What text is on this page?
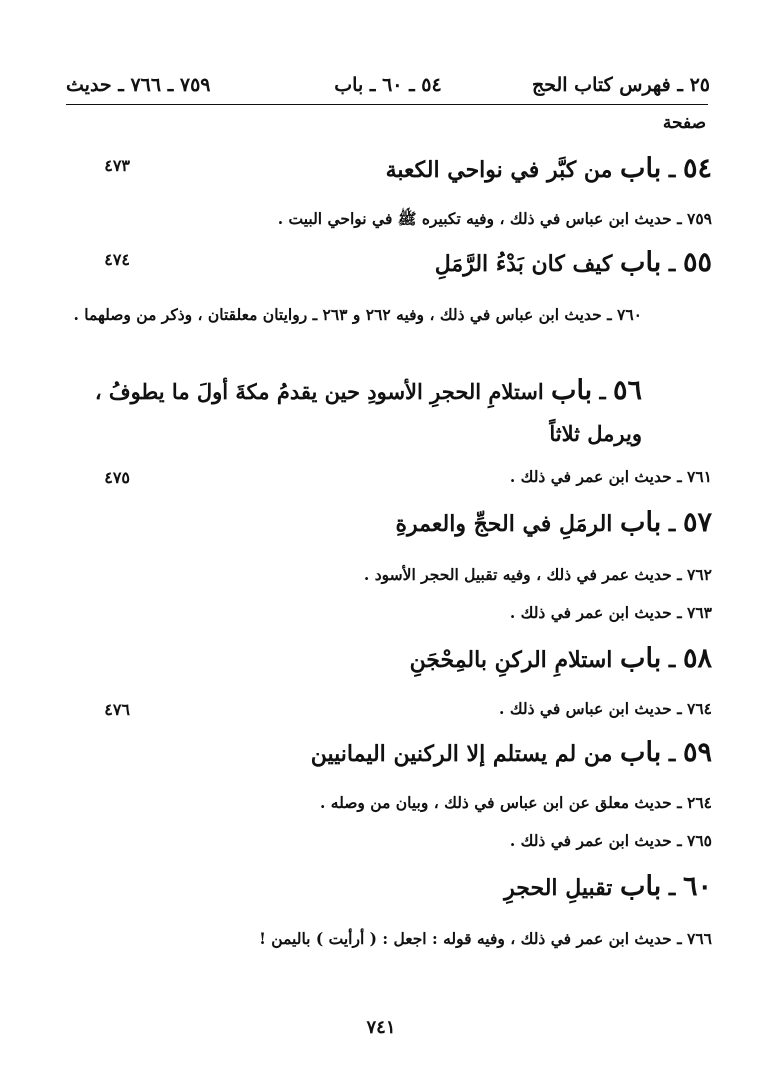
٢٥ ـ فهرس كتاب الحج
٥٤ ـ ٦٠ ـ باب
٧٥٩ ـ ٧٦٦ ـ حديث
صفحة
٥٤ ـ باب من كبَّر في نواحي الكعبة
٤٧٣
٧٥٩ ـ حديث ابن عباس في ذلك ، وفيه تكبيره ﷺ في نواحي البيت .
٥٥ ـ باب كيف كان بَدْءُ الرَّمَلِ
٤٧٤
٧٦٠ ـ حديث ابن عباس في ذلك ، وفيه ٢٦٢ و ٢٦٣ ـ روايتان معلقتان ، وذكر من وصلهما .
٥٦ ـ باب استلامِ الحجرِ الأسودِ حين يقدمُ مكةَ أولَ ما يطوفُ ، ويرمل ثلاثاً
٧٦١ ـ حديث ابن عمر في ذلك .
٤٧٥
٥٧ ـ باب الرمَلِ في الحجِّ والعمرةِ
٧٦٢ ـ حديث عمر في ذلك ، وفيه تقبيل الحجر الأسود .
٧٦٣ ـ حديث ابن عمر في ذلك .
٥٨ ـ باب استلامِ الركنِ بالمِحْجَنِ
٧٦٤ ـ حديث ابن عباس في ذلك .
٤٧٦
٥٩ ـ باب من لم يستلم إلا الركنين اليمانيين
٢٦٤ ـ حديث معلق عن ابن عباس في ذلك ، وبيان من وصله .
٧٦٥ ـ حديث ابن عمر في ذلك .
٦٠ ـ باب تقبيلِ الحجرِ
٧٦٦ ـ حديث ابن عمر في ذلك ، وفيه قوله : اجعل : ( أرأيت ) باليمن !
٧٤١
